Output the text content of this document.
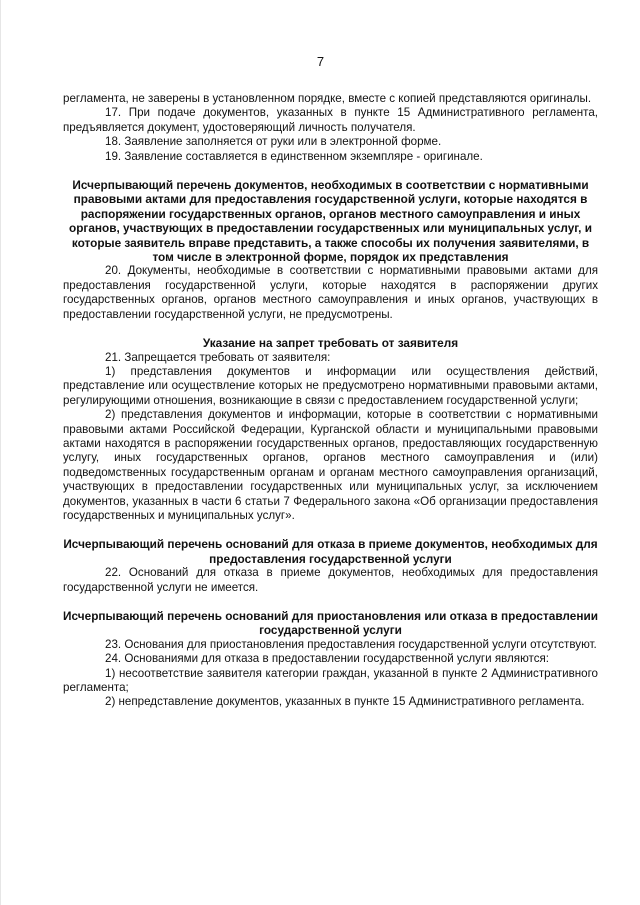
7

регламента, не заверены в установленном порядке, вместе с копией представляются оригиналы.

17. При подаче документов, указанных в пункте 15 Административного регламента, предъявляется документ, удостоверяющий личность получателя.

18. Заявление заполняется от руки или в электронной форме.

19. Заявление составляется в единственном экземпляре - оригинале.

Исчерпывающий перечень документов, необходимых в соответствии с нормативными правовыми актами для предоставления государственной услуги, которые находятся в распоряжении государственных органов, органов местного самоуправления и иных органов, участвующих в предоставлении государственных или муниципальных услуг, и которые заявитель вправе представить, а также способы их получения заявителями, в том числе в электронной форме, порядок их представления

20. Документы, необходимые в соответствии с нормативными правовыми актами для предоставления государственной услуги, которые находятся в распоряжении других государственных органов, органов местного самоуправления и иных органов, участвующих в предоставлении государственной услуги, не предусмотрены.

Указание на запрет требовать от заявителя

21. Запрещается требовать от заявителя:

1) представления документов и информации или осуществления действий, представление или осуществление которых не предусмотрено нормативными правовыми актами, регулирующими отношения, возникающие в связи с предоставлением государственной услуги;

2) представления документов и информации, которые в соответствии с нормативными правовыми актами Российской Федерации, Курганской области и муниципальными правовыми актами находятся в распоряжении государственных органов, предоставляющих государственную услугу, иных государственных органов, органов местного самоуправления и (или) подведомственных государственным органам и органам местного самоуправления организаций, участвующих в предоставлении государственных или муниципальных услуг, за исключением документов, указанных в части 6 статьи 7 Федерального закона «Об организации предоставления государственных и муниципальных услуг».

Исчерпывающий перечень оснований для отказа в приеме документов, необходимых для предоставления государственной услуги

22. Оснований для отказа в приеме документов, необходимых для предоставления государственной услуги не имеется.

Исчерпывающий перечень оснований для приостановления или отказа в предоставлении государственной услуги

23. Основания для приостановления предоставления государственной услуги отсутствуют.

24. Основаниями для отказа в предоставлении государственной услуги являются:

1) несоответствие заявителя категории граждан, указанной в пункте 2 Административного регламента;

2) непредставление документов, указанных в пункте 15 Административного регламента.
